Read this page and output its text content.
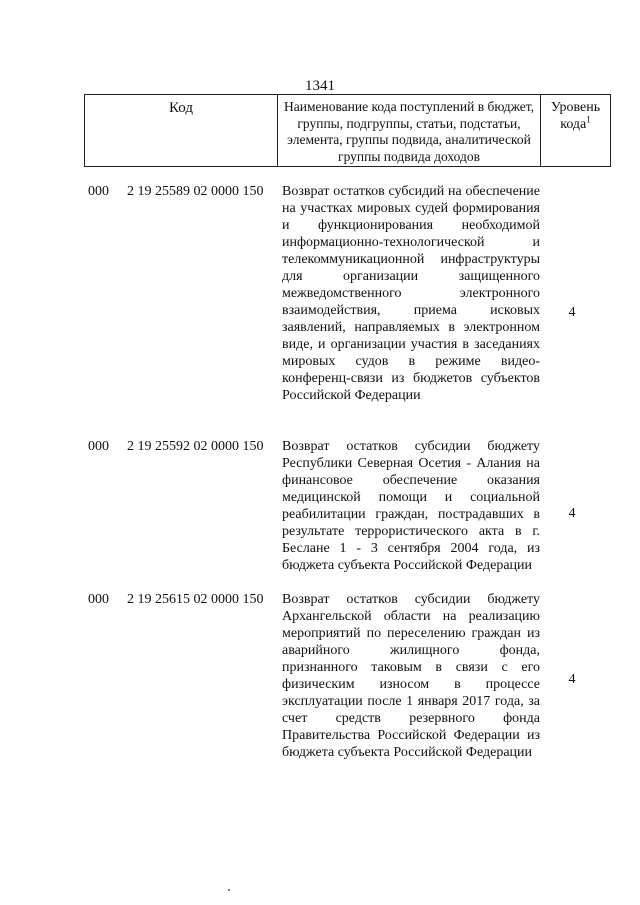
1341
Код	Наименование кода поступлений в бюджет, группы, подгруппы, статьи, подстатьи, элемента, группы подвида, аналитической группы подвида доходов
Уровень кода$^1$
000 2 19 25589 02 0000 150 Возврат остатков субсидий на обеспечение на участках мировых судей формирования и функционирования необходимой информационно-технологической и телекоммуникационной инфраструктуры для организации защищенного межведомственного электронного взаимодействия, приема исковых заявлений, направляемых в электронном виде, и организации участия в заседаниях мировых судов в режиме видео-конференц-связи из бюджетов субъектов Российской Федерации
4
000 2 19 25592 02 0000 150 Возврат остатков субсидии бюджету Республики Северная Осетия - Алания на финансовое обеспечение оказания медицинской помощи и социальной реабилитации граждан, пострадавших в результате террористического акта в г. Беслане 1 - 3 сентября 2004 года, из бюджета субъекта Российской Федерации
4
000 2 19 25615 02 0000 150 Возврат остатков субсидии бюджету Архангельской области на реализацию мероприятий по переселению граждан из аварийного жилищного фонда, признанного таковым в связи с его физическим износом в процессе эксплуатации после 1 января 2017 года, за счет средств резервного фонда Правительства Российской Федерации из бюджета субъекта Российской Федерации
4
